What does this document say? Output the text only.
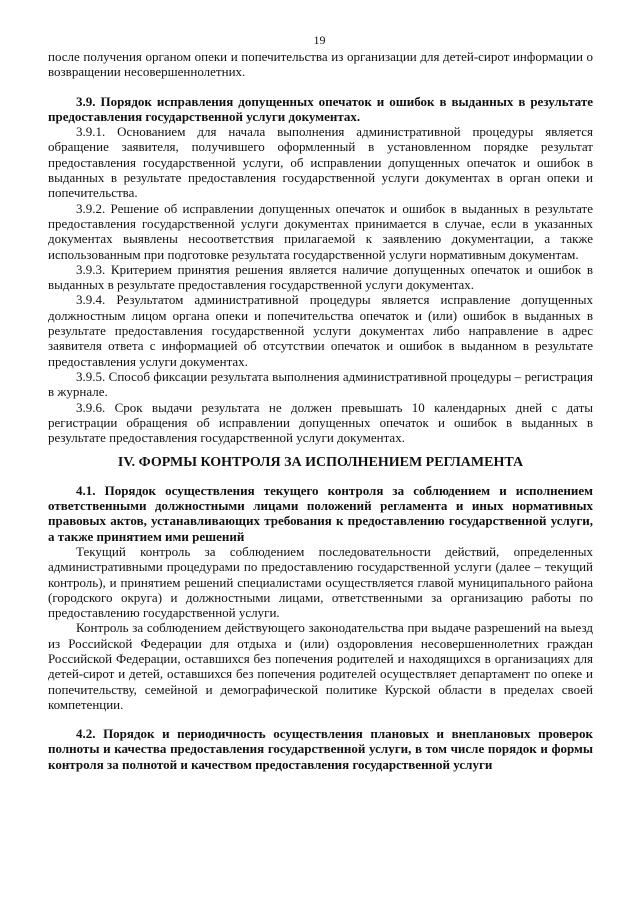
19

после получения органом опеки и попечительства из организации для детей-сирот информации о возвращении несовершеннолетних.

3.9. Порядок исправления допущенных опечаток и ошибок в выданных в результате предоставления государственной услуги документах.

3.9.1. Основанием для начала выполнения административной процедуры является обращение заявителя, получившего оформленный в установленном порядке результат предоставления государственной услуги, об исправлении допущенных опечаток и ошибок в выданных в результате предоставления государственной услуги документах в орган опеки и попечительства.

3.9.2. Решение об исправлении допущенных опечаток и ошибок в выданных в результате предоставления государственной услуги документах принимается в случае, если в указанных документах выявлены несоответствия прилагаемой к заявлению документации, а также использованным при подготовке результата государственной услуги нормативным документам.

3.9.3. Критерием принятия решения является наличие допущенных опечаток и ошибок в выданных в результате предоставления государственной услуги документах.

3.9.4. Результатом административной процедуры является исправление допущенных должностным лицом органа опеки и попечительства опечаток и (или) ошибок в выданных в результате предоставления государственной услуги документах либо направление в адрес заявителя ответа с информацией об отсутствии опечаток и ошибок в выданном в результате предоставления услуги документах.

3.9.5. Способ фиксации результата выполнения административной процедуры – регистрация в журнале.

3.9.6. Срок выдачи результата не должен превышать 10 календарных дней с даты регистрации обращения об исправлении допущенных опечаток и ошибок в выданных в результате предоставления государственной услуги документах.

IV. ФОРМЫ КОНТРОЛЯ ЗА ИСПОЛНЕНИЕМ РЕГЛАМЕНТА

4.1. Порядок осуществления текущего контроля за соблюдением и исполнением ответственными должностными лицами положений регламента и иных нормативных правовых актов, устанавливающих требования к предоставлению государственной услуги, а также принятием ими решений

Текущий контроль за соблюдением последовательности действий, определенных административными процедурами по предоставлению государственной услуги (далее – текущий контроль), и принятием решений специалистами осуществляется главой муниципального района (городского округа) и должностными лицами, ответственными за организацию работы по предоставлению государственной услуги.

Контроль за соблюдением действующего законодательства при выдаче разрешений на выезд из Российской Федерации для отдыха и (или) оздоровления несовершеннолетних граждан Российской Федерации, оставшихся без попечения родителей и находящихся в организациях для детей-сирот и детей, оставшихся без попечения родителей осуществляет департамент по опеке и попечительству, семейной и демографической политике Курской области в пределах своей компетенции.

4.2. Порядок и периодичность осуществления плановых и внеплановых проверок полноты и качества предоставления государственной услуги, в том числе порядок и формы контроля за полнотой и качеством предоставления государственной услуги
